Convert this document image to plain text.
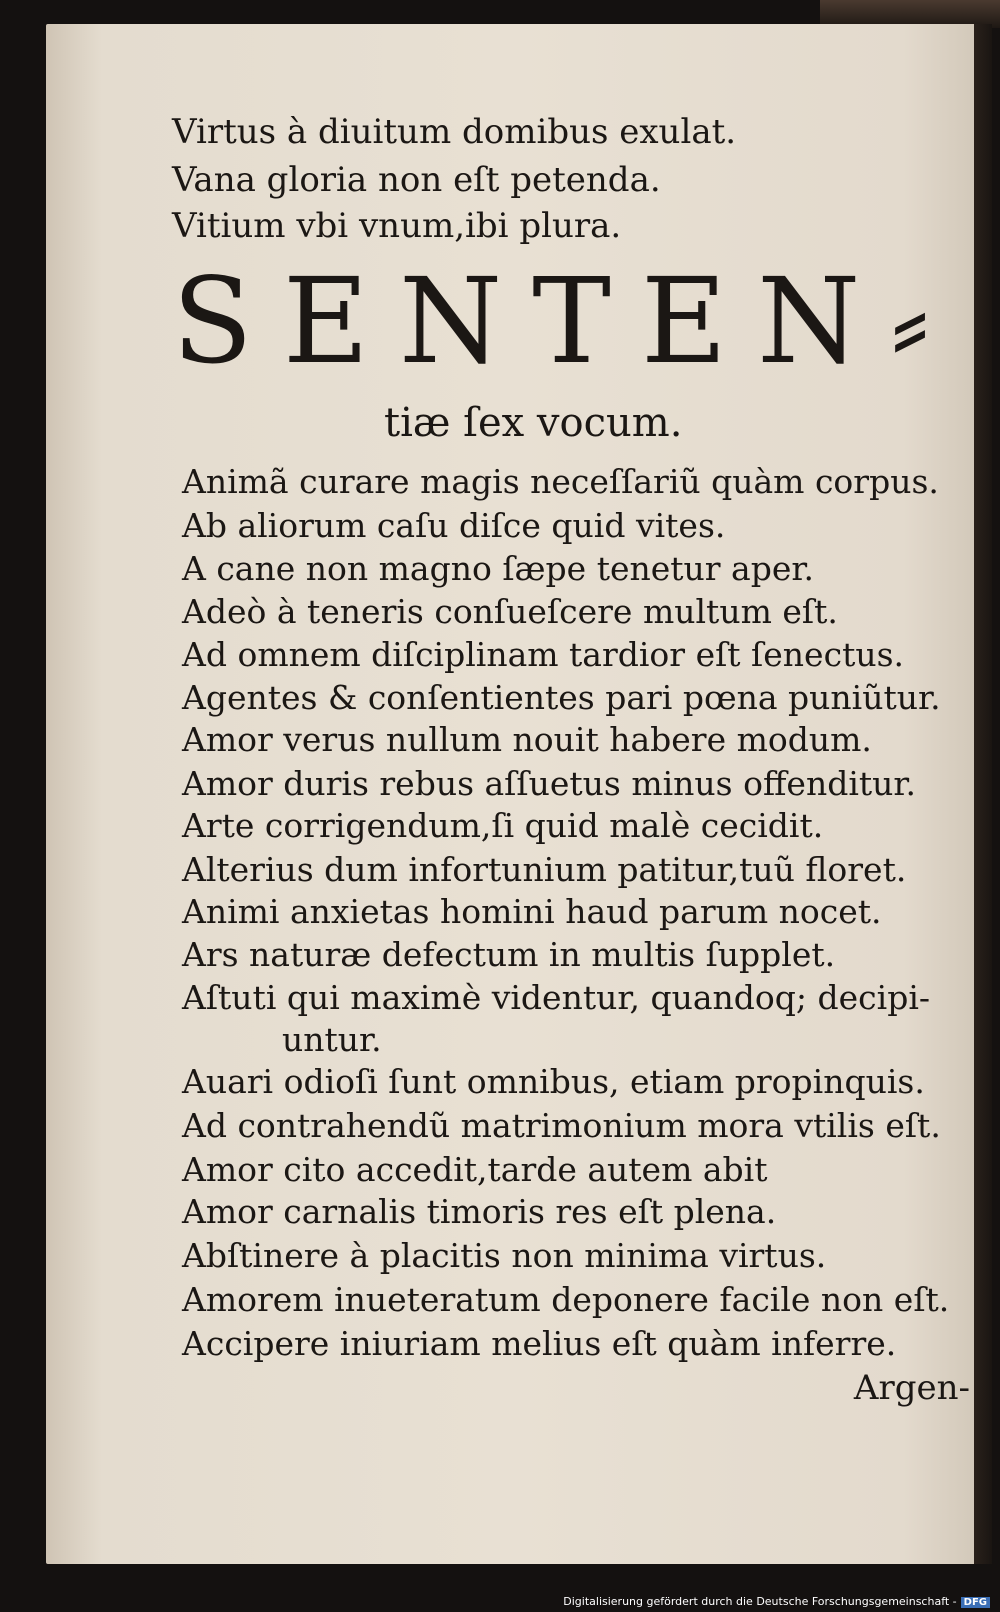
Virtus à diuitum domibus exulat.
Vana gloria non eſt petenda.
Vitium vbi vnum,ibi plura.
SENTEN⸗
tiæ ſex vocum.
Animã curare magis neceſſariũ quàm corpus.
Ab aliorum caſu diſce quid vites.
A cane non magno ſæpe tenetur aper.
Adeò à teneris conſueſcere multum eſt.
Ad omnem diſciplinam tardior eſt ſenectus.
Agentes & conſentientes pari pœna puniũtur.
Amor verus nullum nouit habere modum.
Amor duris rebus aſſuetus minus offenditur.
Arte corrigendum,ſi quid malè cecidit.
Alterius dum infortunium patitur,tuũ floret.
Animi anxietas homini haud parum nocet.
Ars naturæ defectum in multis ſupplet.
Aſtuti qui maximè videntur, quandoq; decipi-
untur.
Auari odioſi ſunt omnibus, etiam propinquis.
Ad contrahendũ matrimonium mora vtilis eſt.
Amor cito accedit,tarde autem abit
Amor carnalis timoris res eſt plena.
Abſtinere à placitis non minima virtus.
Amorem inueteratum deponere facile non eſt.
Accipere iniuriam melius eſt quàm inferre.
Argen-
Digitalisierung gefördert durch die Deutsche Forschungsgemeinschaft - DFG
